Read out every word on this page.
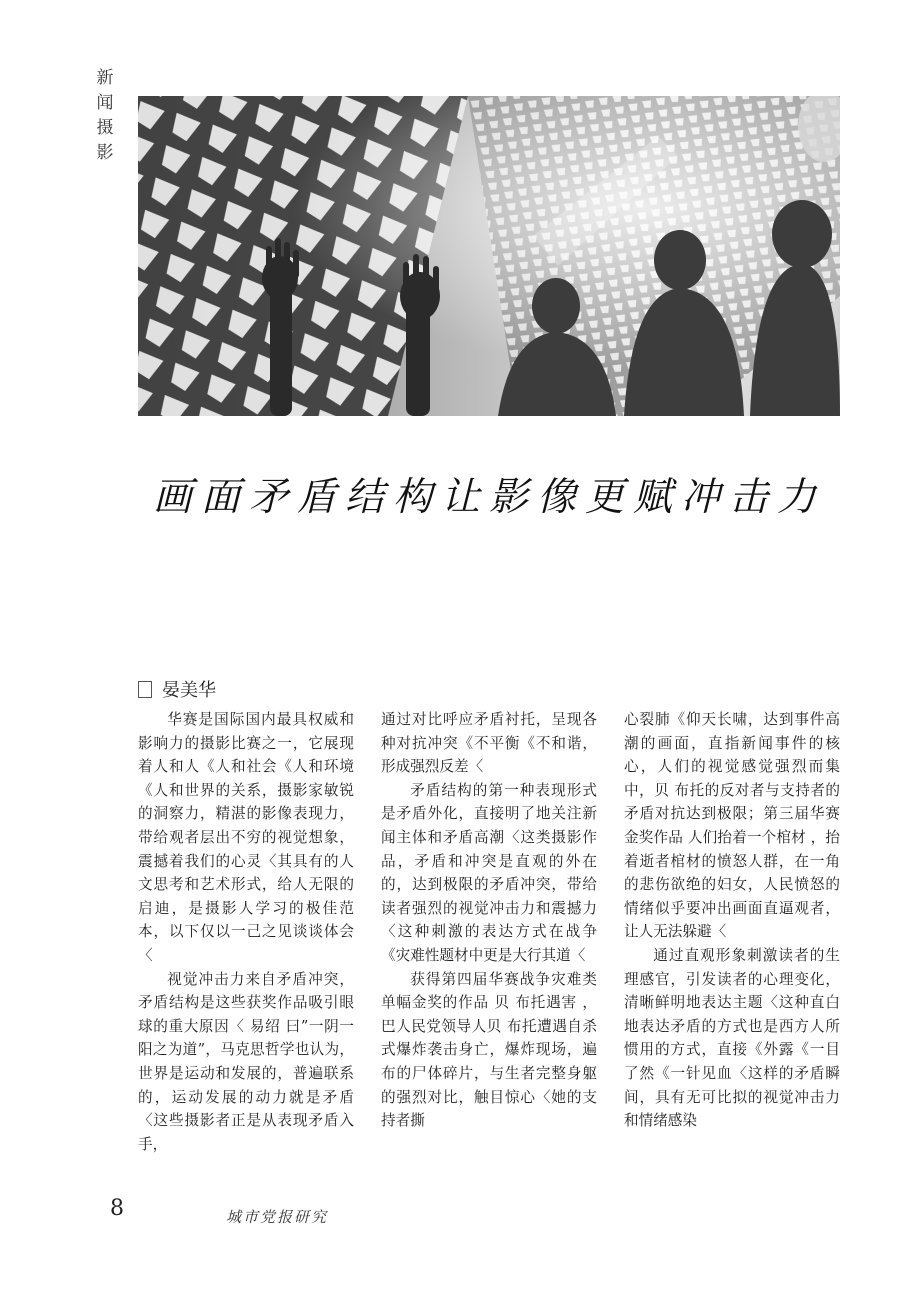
新
闻
摄
影
画面矛盾结构让影像更赋冲击力
晏美华

华赛是国际国内最具权威和影响力的摄影比赛之一，它展现着人和人《人和社会《人和环境《人和世界的关系，摄影家敏锐的洞察力，精湛的影像表现力，带给观者层出不穷的视觉想象，震撼着我们的心灵〈其具有的人文思考和艺术形式，给人无限的启迪，是摄影人学习的极佳范本，以下仅以一己之见谈谈体会〈

视觉冲击力来自矛盾冲突，矛盾结构是这些获奖作品吸引眼球的重大原因〈 易绍 曰”一阴一阳之为道”，马克思哲学也认为，世界是运动和发展的，普遍联系的，运动发展的动力就是矛盾〈这些摄影者正是从表现矛盾入手，

通过对比呼应矛盾衬托，呈现各种对抗冲突《不平衡《不和谐，形成强烈反差〈

矛盾结构的第一种表现形式是矛盾外化，直接明了地关注新闻主体和矛盾高潮〈这类摄影作品，矛盾和冲突是直观的外在的，达到极限的矛盾冲突，带给读者强烈的视觉冲击力和震撼力〈这种刺激的表达方式在战争《灾难性题材中更是大行其道〈

获得第四届华赛战争灾难类单幅金奖的作品 贝 布托遇害 ，巴人民党领导人贝 布托遭遇自杀式爆炸袭击身亡，爆炸现场，遍布的尸体碎片，与生者完整身躯的强烈对比，触目惊心〈她的支持者撕

心裂肺《仰天长啸，达到事件高潮的画面，直指新闻事件的核心，人们的视觉感觉强烈而集中，贝 布托的反对者与支持者的矛盾对抗达到极限；第三届华赛金奖作品 人们抬着一个棺材 ，抬着逝者棺材的愤怒人群，在一角的悲伤欲绝的妇女，人民愤怒的情绪似乎要冲出画面直逼观者，让人无法躲避〈

通过直观形象刺激读者的生理感官，引发读者的心理变化，清晰鲜明地表达主题〈这种直白地表达矛盾的方式也是西方人所惯用的方式，直接《外露《一目了然《一针见血〈这样的矛盾瞬间，具有无可比拟的视觉冲击力和情绪感染

8	城市党报研究
